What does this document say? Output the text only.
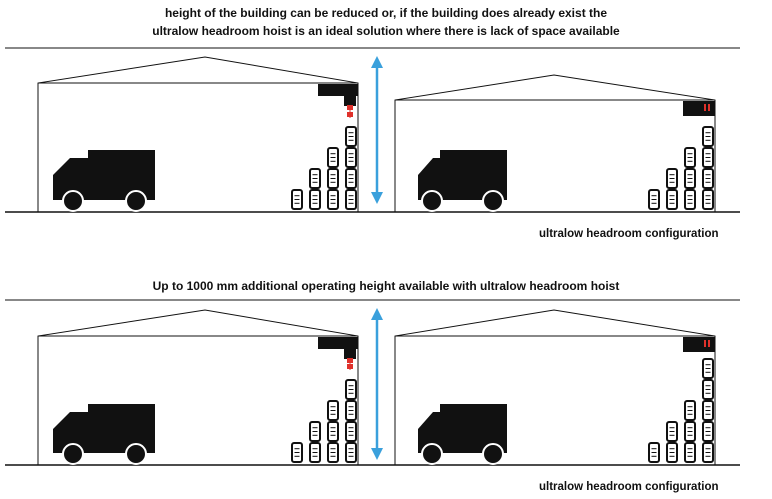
height of the building can be reduced or, if the building does already exist the
ultralow headroom hoist is an ideal solution where there is lack of space available
ultralow headroom configuration
Up to 1000 mm additional operating height available with ultralow headroom hoist
ultralow headroom configuration
